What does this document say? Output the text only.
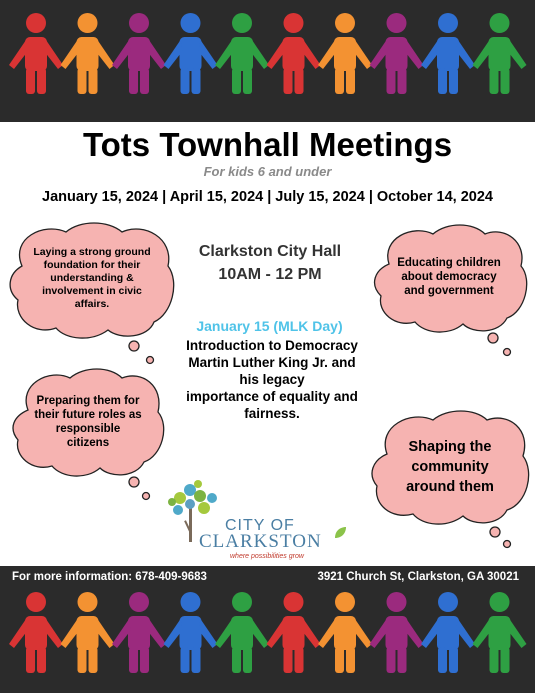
Tots Townhall Meetings
For kids 6 and under
January 15, 2024 | April 15, 2024 | July 15, 2024 | October 14, 2024
Laying a strong ground foundation for their understanding & involvement in civic affairs.
Educating children about democracy and government
Preparing them for their future roles as responsible citizens	Shaping the community around them
Clarkston City Hall
10AM - 12 PM
January 15 (MLK Day)
Introduction to Democracy
Martin Luther King Jr. and
his legacy
importance of equality and
fairness.
CITY OF
CLARKSTON
where possibilities grow
For more information: 678-409-9683	3921 Church St, Clarkston, GA 30021
